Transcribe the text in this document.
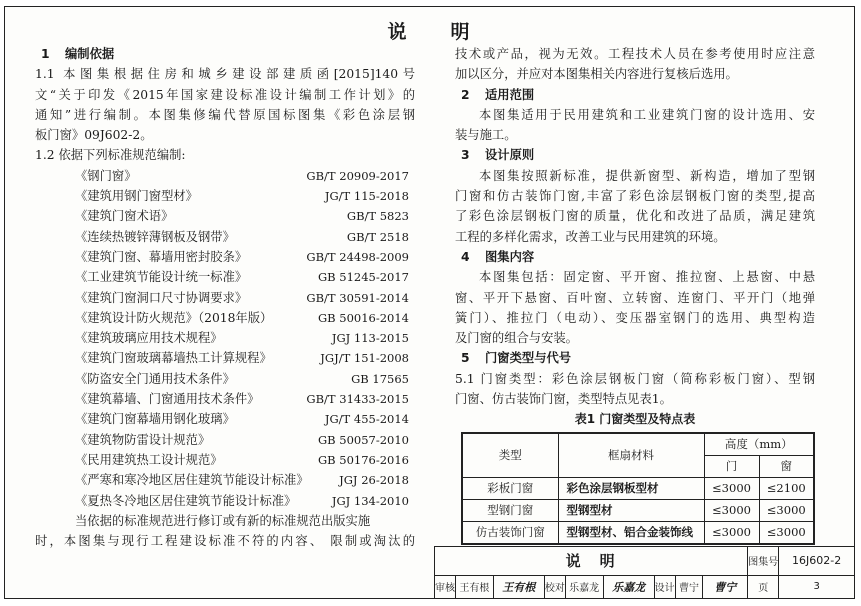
说　　明
1 编制依据
1.1 本图集根据住房和城乡建设部建质函[2015]140号
文“关于印发《2015年国家建设标准设计编制工作计划》的
通知”进行编制。本图集修编代替原国标图集《彩色涂层钢
板门窗》09J602-2。
1.2 依据下列标准规范编制:
《钢门窗》	GB/T 20909-2017
《建筑用钢门窗型材》	JG/T 115-2018
《建筑门窗术语》	GB/T 5823
《连续热镀锌薄钢板及钢带》	GB/T 2518
《建筑门窗、幕墙用密封胶条》	GB/T 24498-2009
《工业建筑节能设计统一标准》	GB 51245-2017
《建筑门窗洞口尺寸协调要求》	GB/T 30591-2014
《建筑设计防火规范》（2018年版）	GB 50016-2014
《建筑玻璃应用技术规程》	JGJ 113-2015
《建筑门窗玻璃幕墙热工计算规程》	JGJ/T 151-2008
《防盗安全门通用技术条件》	GB 17565
《建筑幕墙、门窗通用技术条件》	GB/T 31433-2015
《建筑门窗幕墙用钢化玻璃》	JG/T 455-2014
《建筑物防雷设计规范》	GB 50057-2010
《民用建筑热工设计规范》	GB 50176-2016
《严寒和寒冷地区居住建筑节能设计标准》	JGJ 26-2018
《夏热冬冷地区居住建筑节能设计标准》	JGJ 134-2010
当依据的标准规范进行修订或有新的标准规范出版实施
时，本图集与现行工程建设标准不符的内容、 限制或淘汰的
技术或产品，视为无效。工程技术人员在参考使用时应注意
加以区分，并应对本图集相关内容进行复核后选用。
2 适用范围
本图集适用于民用建筑和工业建筑门窗的设计选用、安
装与施工。
3 设计原则
本图集按照新标准，提供新窗型、新构造，增加了型钢
门窗和仿古装饰门窗,丰富了彩色涂层钢板门窗的类型,提高
了彩色涂层钢板门窗的质量，优化和改进了品质，满足建筑
工程的多样化需求，改善工业与民用建筑的环境。
4 图集内容
本图集包括：固定窗、平开窗、推拉窗、上悬窗、中悬
窗、平开下悬窗、百叶窗、立转窗、连窗门、平开门（地弹
簧门）、推拉门（电动）、变压器室钢门的选用、典型构造
及门窗的组合与安装。
5 门窗类型与代号
5.1 门窗类型：彩色涂层钢板门窗（简称彩板门窗）、型钢
门窗、仿古装饰门窗，类型特点见表1。
表1 门窗类型及特点表
类型	框扇材料	高度（mm）	
		门	窗
彩板门窗	彩色涂层钢板型材	≤3000	≤2100
型钢门窗	型钢型材	≤3000	≤3000
仿古装饰门窗	型钢型材、铝合金装饰线	≤3000	≤3000
说　明									图集号	16J602-2
审核	王有根	王有根	校对	乐嘉龙	乐嘉龙	设计	曹宁	曹宁	页	3
